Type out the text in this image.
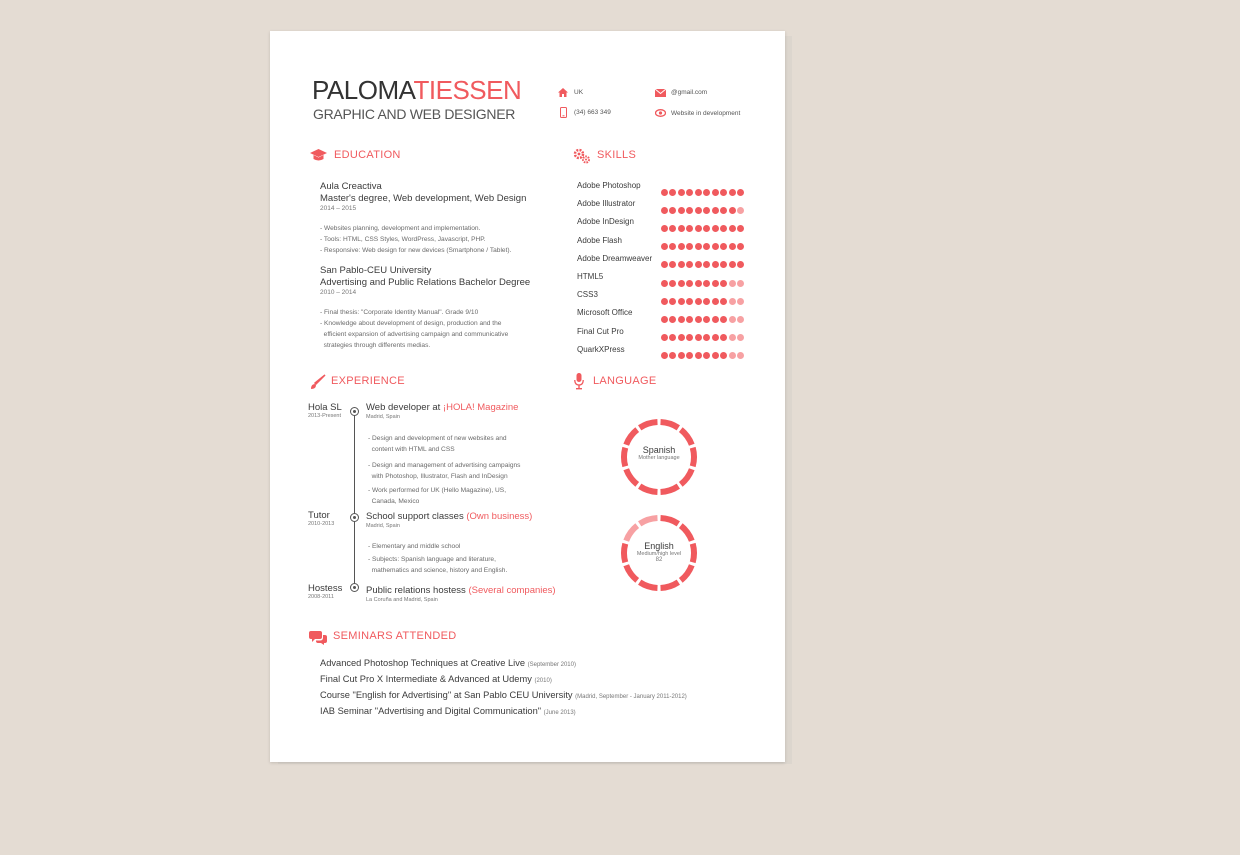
PALOMATIESSEN
GRAPHIC AND WEB DESIGNER
UK
(34) 663 349
@gmail.com
Website in development
EDUCATION
Aula Creactiva
Master's degree, Web development, Web Design
2014 – 2015
- Websites planning, development and implementation.
- Tools: HTML, CSS Styles, WordPress, Javascript, PHP.
- Responsive: Web design for new devices (Smartphone / Tablet).
San Pablo-CEU University
Advertising and Public Relations Bachelor Degree
2010 – 2014
- Final thesis: "Corporate Identity Manual". Grade 9/10
- Knowledge about development of design, production and the
efficient expansion of advertising campaign and communicative
strategies through differents medias.
SKILLS
EXPERIENCE
Hola SL
2013-Present
Web developer at ¡HOLA! Magazine
Madrid, Spain
- Design and development of new websites and
content with HTML and CSS
- Design and management of advertising campaigns
with Photoshop, Illustrator, Flash and InDesign
- Work performed for UK (Hello Magazine), US,
Canada, Mexico
Tutor
2010-2013
School support classes (Own business)
Madrid, Spain
- Elementary and middle school
- Subjects: Spanish language and literature,
mathematics and science, history and English.
Hostess
2008-2011
Public relations hostess (Several companies)
La Coruña and Madrid, Spain
LANGUAGE
Spanish
Mother language
English
Medium/high level
82
SEMINARS ATTENDED
Advanced Photoshop Techniques at Creative Live (September 2010)
Final Cut Pro X Intermediate & Advanced at Udemy (2010)
Course "English for Advertising" at San Pablo CEU University (Madrid, September - January 2011-2012)
IAB Seminar "Advertising and Digital Communication" (June 2013)
Adobe Photoshop
Adobe Illustrator
Adobe InDesign
Adobe Flash
Adobe Dreamweaver
HTML5
CSS3
Microsoft Office
Final Cut Pro
QuarkXPress
